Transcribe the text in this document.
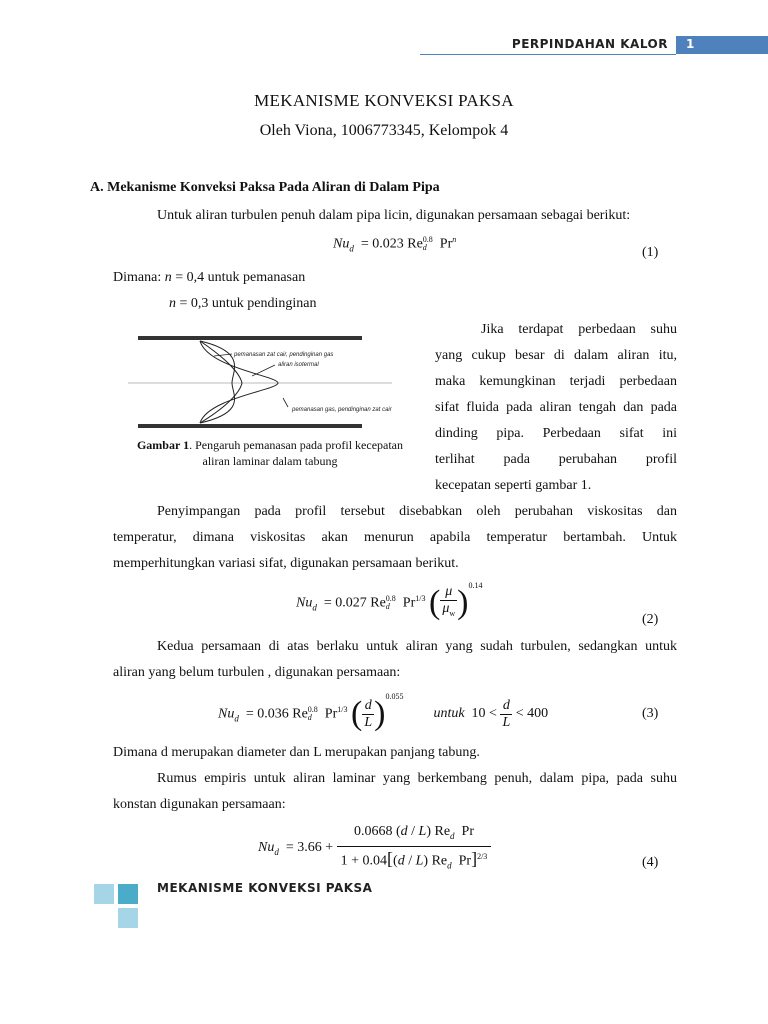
PERPINDAHAN KALOR 1
MEKANISME KONVEKSI PAKSA
Oleh Viona, 1006773345, Kelompok 4
A. Mekanisme Konveksi Paksa Pada Aliran di Dalam Pipa
Untuk aliran turbulen penuh dalam pipa licin, digunakan persamaan sebagai berikut:
$Nu_d = 0.023$ Re 0.8
d Pr$^n$
(1)
Dimana: n = 0,4 untuk pemanasan
n = 0,3 untuk pendinginan
pemanasan zat cair, pendinginan gas
aliran isotermal
pemanasan gas, pendinginan zat cair
Gambar 1. Pengaruh pemanasan pada profil kecepatan
aliran laminar dalam tabung
Jika terdapat perbedaan suhu
yang cukup besar di dalam aliran itu,
maka kemungkinan terjadi perbedaan
sifat fluida pada aliran tengah dan pada
dinding pipa. Perbedaan sifat ini
terlihat pada perubahan profil
kecepatan seperti gambar 1.
Penyimpangan pada profil tersebut disebabkan oleh perubahan viskositas dan
temperatur, dimana viskositas akan menurun apabila temperatur bertambah. Untuk
memperhitungkan variasi sifat, digunakan persamaan berikut.
$Nu_d = 0.027$ Re 0.8
d $Pr^{1/3}$ ( μ
$\mu_w$ ) 0.14
(2)
Kedua persamaan di atas berlaku untuk aliran yang sudah turbulen, sedangkan untuk
aliran yang belum turbulen , digunakan persamaan:
$Nu_d = 0.036$ Re 0.8
d $Pr^{1/3}$ ( d
L ) 0.055
untuk  10 <
d
L
< 400	(3)
Dimana d merupakan diameter dan L merupakan panjang tabung.
Rumus empiris untuk aliran laminar yang berkembang penuh, dalam pipa, pada suhu
konstan digunakan persamaan:
$Nu_d = 3.66$ +
0.0668 (d / L) $Re_d$  Pr
1 + 0.04[(d / L) $Re_d$  Pr]$^{2/3}$	(4)
MEKANISME KONVEKSI PAKSA
